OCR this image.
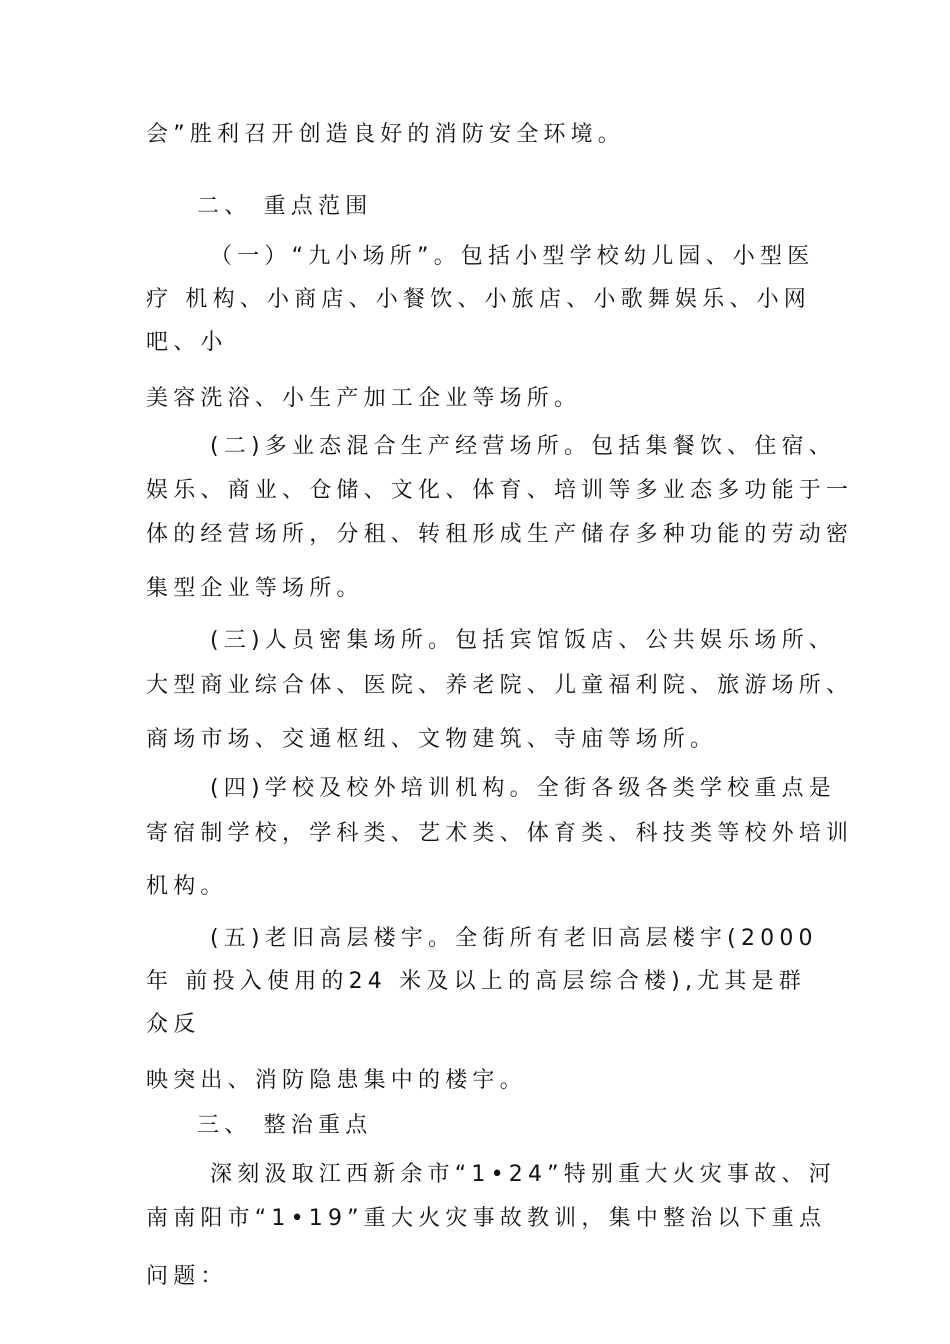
会”胜利召开创造良好的消防安全环境。
二、 重点范围
（一）“九小场所”。包括小型学校幼儿园、小型医
疗 机构、小商店、小餐饮、小旅店、小歌舞娱乐、小网
吧、小
美容洗浴、小生产加工企业等场所。
(二)多业态混合生产经营场所。包括集餐饮、住宿、
娱乐、商业、仓储、文化、体育、培训等多业态多功能于一
体的经营场所，分租、转租形成生产储存多种功能的劳动密
集型企业等场所。
(三)人员密集场所。包括宾馆饭店、公共娱乐场所、
大型商业综合体、医院、养老院、儿童福利院、旅游场所、
商场市场、交通枢纽、文物建筑、寺庙等场所。
(四)学校及校外培训机构。全街各级各类学校重点是
寄宿制学校，学科类、艺术类、体育类、科技类等校外培训
机构。
(五)老旧高层楼宇。全街所有老旧高层楼宇(2000
年 前投入使用的24 米及以上的高层综合楼),尤其是群
众反
映突出、消防隐患集中的楼宇。
三、 整治重点
深刻汲取江西新余市“1•24”特别重大火灾事故、河
南南阳市“1•19”重大火灾事故教训，集中整治以下重点
问题：
